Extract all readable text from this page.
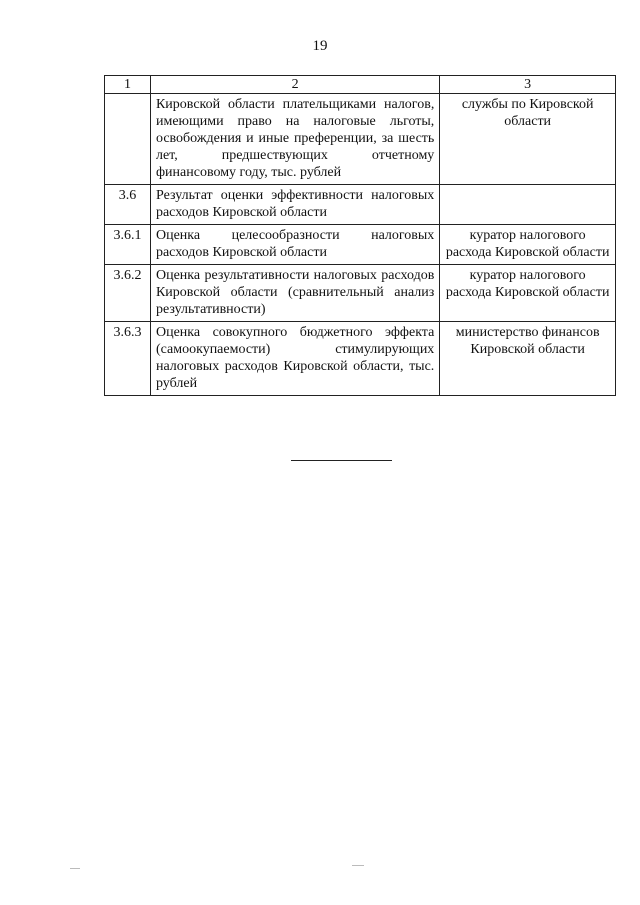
19
1	2	3
	Кировской области плательщиками налогов, имеющими право на налоговые льготы, освобождения и иные преференции, за шесть лет, предшествующих отчетному финансовому году, тыс. рублей	службы по Кировской области
3.6	Результат оценки эффективности налоговых расходов Кировской области	
3.6.1	Оценка целесообразности налоговых расходов Кировской области	куратор налогового расхода Кировской области
3.6.2	Оценка результативности налоговых расходов Кировской области (сравнительный анализ результативности)	куратор налогового расхода Кировской области
3.6.3	Оценка совокупного бюджетного эффекта (самоокупаемости) стимулирующих налоговых расходов Кировской области, тыс. рублей	министерство финансов Кировской области
